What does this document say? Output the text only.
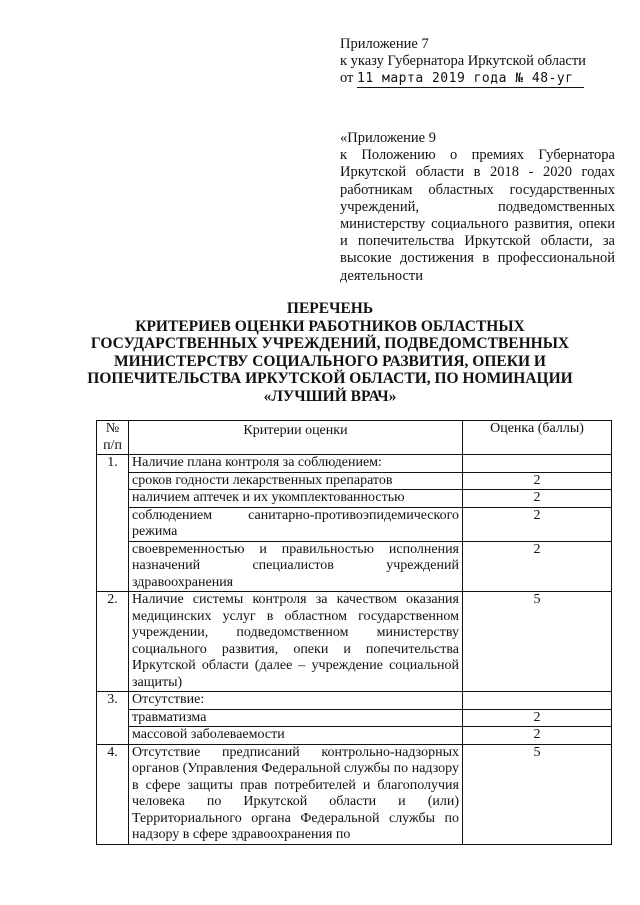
Приложение 7
к указу Губернатора Иркутской области
от 11 марта 2019 года № 48-уг
«Приложение 9
к Положению о премиях Губернатора Иркутской области в 2018 - 2020 годах работникам областных государственных учреждений, подведомственных министерству социального развития, опеки и попечительства Иркутской области, за высокие достижения в профессиональной деятельности
ПЕРЕЧЕНЬ
КРИТЕРИЕВ ОЦЕНКИ РАБОТНИКОВ ОБЛАСТНЫХ
ГОСУДАРСТВЕННЫХ УЧРЕЖДЕНИЙ, ПОДВЕДОМСТВЕННЫХ
МИНИСТЕРСТВУ СОЦИАЛЬНОГО РАЗВИТИЯ, ОПЕКИ И
ПОПЕЧИТЕЛЬСТВА ИРКУТСКОЙ ОБЛАСТИ, ПО НОМИНАЦИИ
«ЛУЧШИЙ ВРАЧ»
№
п/п	Критерии оценки	Оценка (баллы)
1.	Наличие плана контроля за соблюдением:	
	сроков годности лекарственных препаратов	2
	наличием аптечек и их укомплектованностью	2
	соблюдением санитарно-противоэпидемического режима	2
	своевременностью и правильностью исполнения назначений специалистов учреждений здравоохранения	2
2.	Наличие системы контроля за качеством оказания медицинских услуг в областном государственном учреждении, подведомственном министерству социального развития, опеки и попечительства Иркутской области (далее – учреждение социальной защиты)	5
3.	Отсутствие:	
	травматизма	2
	массовой заболеваемости	2
4.	Отсутствие предписаний контрольно-надзорных органов (Управления Федеральной службы по надзору в сфере защиты прав потребителей и благополучия человека по Иркутской области и (или) Территориального органа Федеральной службы по надзору в сфере здравоохранения по	5
